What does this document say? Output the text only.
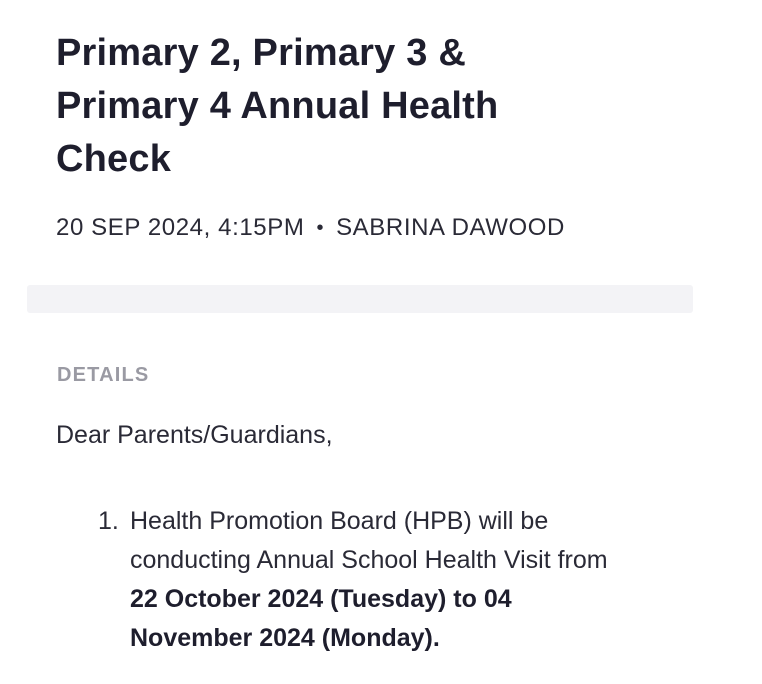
Primary 2, Primary 3 & Primary 4 Annual Health Check
20 SEP 2024, 4:15PM • SABRINA DAWOOD
DETAILS
Dear Parents/Guardians,
1. Health Promotion Board (HPB) will be conducting Annual School Health Visit from 22 October 2024 (Tuesday) to 04 November 2024 (Monday).
